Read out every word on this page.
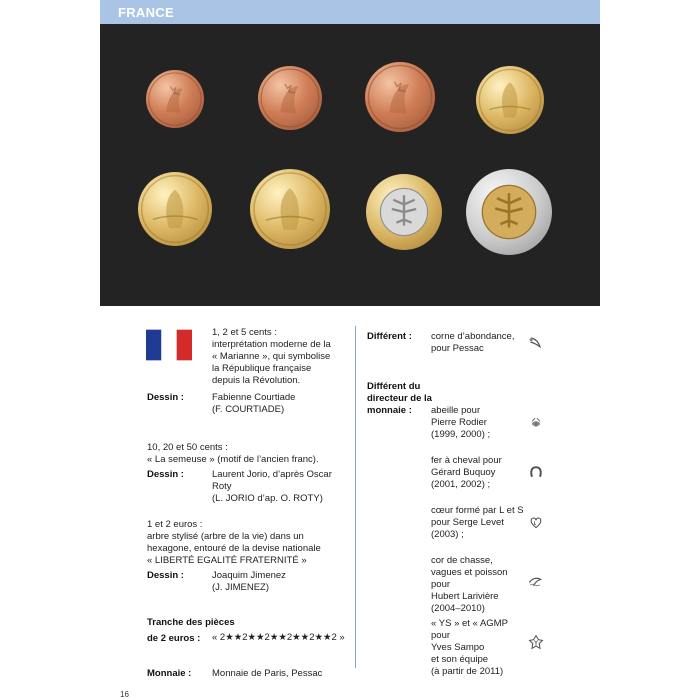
FRANCE
1, 2 et 5 cents :
interprétation moderne de la
« Marianne », qui symbolise
la République française
depuis la Révolution.
Dessin :	Fabienne Courtiade
(F. COURTIADE)
10, 20 et 50 cents :
« La semeuse » (motif de l’ancien franc).
Dessin :	Laurent Jorio, d’après Oscar Roty
(L. JORIO d’ap. O. ROTY)
1 et 2 euros :
arbre stylisé (arbre de la vie) dans un
hexagone, entouré de la devise nationale
« LIBERTÉ EGALITÉ FRATERNITÉ »
Dessin :	Joaquim Jimenez
(J. JIMENEZ)
Tranche des pièces
de 2 euros :	« 2★★2★★2★★2★★2★★2 »
Monnaie : Monnaie de Paris, Pessac
Différent : corne d’abondance,
pour Pessac
Différent du
directeur de la
monnaie :	abeille pour
Pierre Rodier
(1999, 2000) ;
fer à cheval pour
Gérard Buquoy
(2001, 2002) ;
cœur formé par L et S
pour Serge Levet
(2003) ;
cor de chasse,
vagues et poisson pour
Hubert Larivière
(2004–2010)
« YS » et « AGMP pour
Yves Sampo
et son équipe
(à partir de 2011)
16
